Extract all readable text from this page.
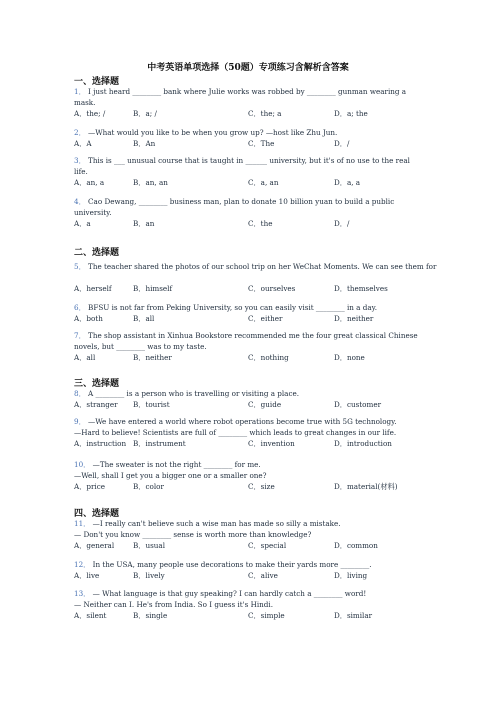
中考英语单项选择（50题）专项练习含解析含答案
一、选择题
二、选择题
三、选择题
四、选择题
1． I just heard ________ bank where Julie works was robbed by ________ gunman wearing a
mask.
A．the; /	B．a; /	C．the; a	D．a; the
2． —What would you like to be when you grow up? —host like Zhu Jun.
A．A	B．An	C．The	D．/
3． This is ___ unusual course that is taught in ______ university, but it's of no use to the real
life.
A．an, a	B．an, an	C．a, an	D．a, a
4． Cao Dewang, ________ business man, plan to donate 10 billion yuan to build a public
university.
A．a	B．an	C．the	D．/
5． The teacher shared the photos of our school trip on her WeChat Moments. We can see them for
A．herself	B．himself	C．ourselves	D．themselves
6． BFSU is not far from Peking University, so you can easily visit ________ in a day.
A．both	B．all	C．either	D．neither
7． The shop assistant in Xinhua Bookstore recommended me the four great classical Chinese
novels, but ________ was to my taste.
A．all	B．neither	C．nothing	D．none
8． A ________ is a person who is travelling or visiting a place.
A．stranger B．tourist	C．guide	D．customer
9． —We have entered a world where robot operations become true with 5G technology.
—Hard to believe! Scientists are full of ________ which leads to great changes in our life.
A．instruction B．instrument	C．invention	D．introduction
10． —The sweater is not the right ________ for me.
—Well, shall I get you a bigger one or a smaller one?
A．price	B．color	C．size	D．material(材料)
11． —I really can't believe such a wise man has made so silly a mistake.
— Don't you know ________ sense is worth more than knowledge?
A．general	B．usual	C．special	D．common
12． In the USA, many people use decorations to make their yards more ________.
A．live	B．lively	C．alive	D．living
13． — What language is that guy speaking? I can hardly catch a ________ word!
— Neither can I. He's from India. So I guess it's Hindi.
A．silent	B．single	C．simple	D．similar
